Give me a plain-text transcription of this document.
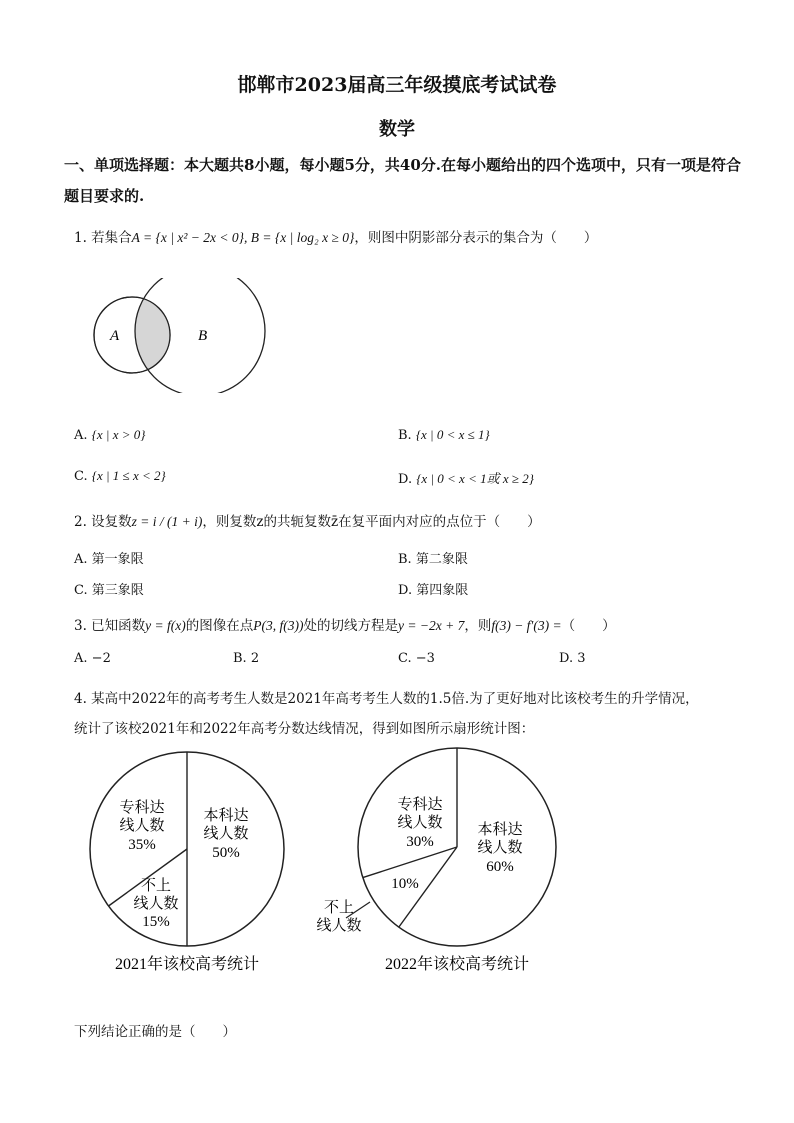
邯郸市2023届高三年级摸底考试试卷
数学
一、单项选择题：本大题共8小题，每小题5分，共40分.在每小题给出的四个选项中，只有一项是符合题目要求的.
1. 若集合A = {x | x² − 2x < 0}, B = {x | log₂ x ≥ 0}，则图中阴影部分表示的集合为（　　）
A	B
A. {x | x > 0}	B. {x | 0 < x ≤ 1}
C. {x | 1 ≤ x < 2}	D. {x | 0 < x < 1或 x ≥ 2}
2. 设复数z = i / (1 + i)，则复数z的共轭复数z̄在复平面内对应的点位于（　　）
A. 第一象限	B. 第二象限
C. 第三象限	D. 第四象限
3. 已知函数y = f(x)的图像在点P(3, f(3))处的切线方程是y = −2x + 7，则f(3) − f′(3) =（　　）
A. −2	B. 2	C. −3	D. 3
4. 某高中2022年的高考考生人数是2021年高考考生人数的1.5倍.为了更好地对比该校考生的升学情况，
统计了该校2021年和2022年高考分数达线情况，得到如图所示扇形统计图：
本科达
线人数
50%
专科达
线人数
35%
不上
线人数
15%
2021年该校高考统计
本科达
线人数
60%
专科达
线人数
30%
10%
不上
线人数
2022年该校高考统计
下列结论正确的是（　　）
